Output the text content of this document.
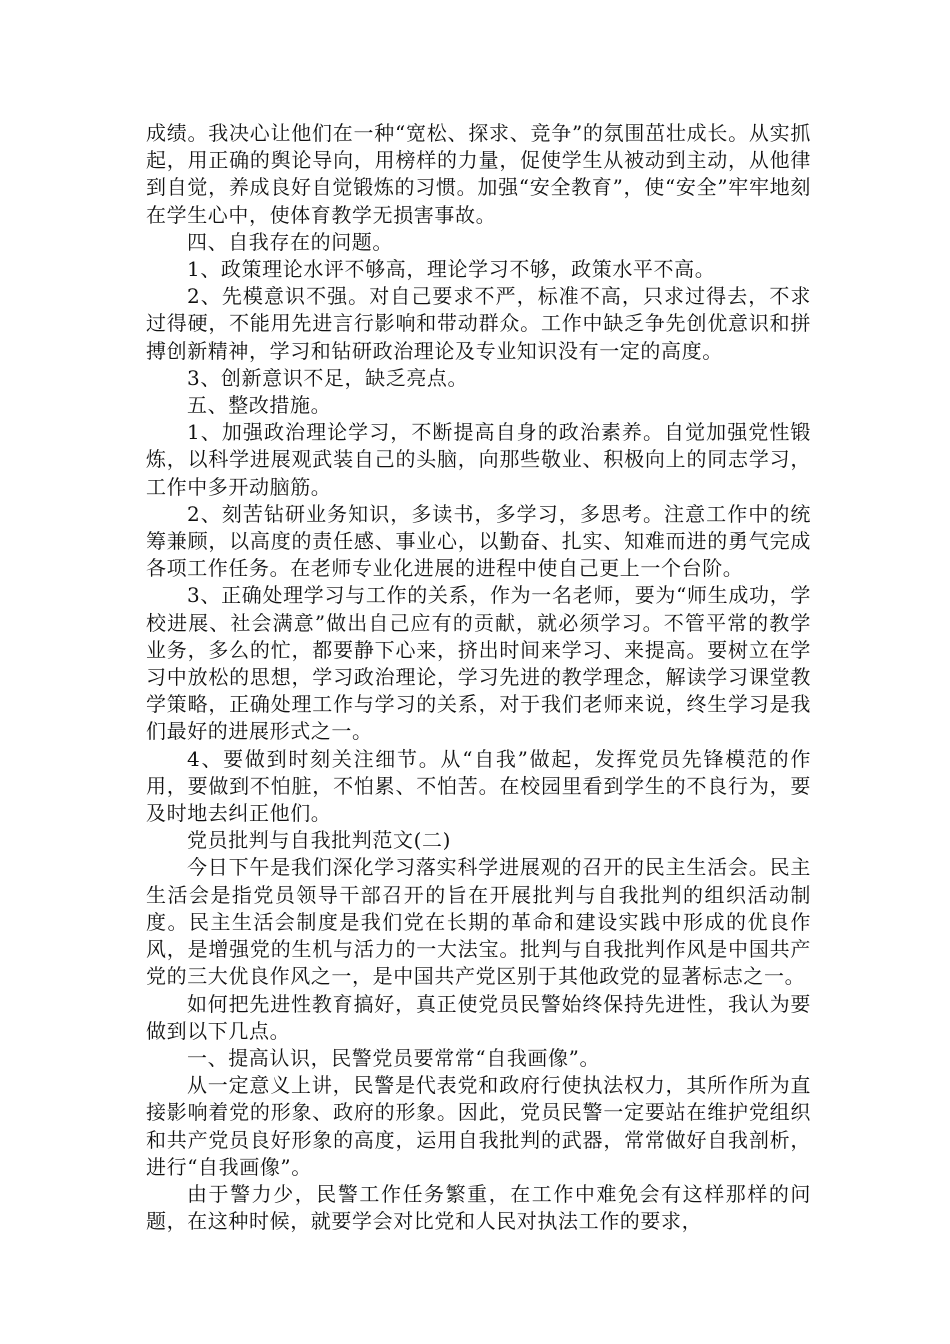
成绩。我决心让他们在一种“宽松、探求、竞争”的氛围茁壮成长。从实抓起，用正确的舆论导向，用榜样的力量，促使学生从被动到主动，从他律到自觉，养成良好自觉锻炼的习惯。加强“安全教育”，使“安全”牢牢地刻在学生心中，使体育教学无损害事故。

四、自我存在的问题。

1、政策理论水评不够高，理论学习不够，政策水平不高。

2、先模意识不强。对自己要求不严，标准不高，只求过得去，不求过得硬，不能用先进言行影响和带动群众。工作中缺乏争先创优意识和拼搏创新精神，学习和钻研政治理论及专业知识没有一定的高度。

3、创新意识不足，缺乏亮点。

五、整改措施。

1、加强政治理论学习，不断提高自身的政治素养。自觉加强党性锻炼，以科学进展观武装自己的头脑，向那些敬业、积极向上的同志学习，工作中多开动脑筋。

2、刻苦钻研业务知识，多读书，多学习，多思考。注意工作中的统筹兼顾，以高度的责任感、事业心，以勤奋、扎实、知难而进的勇气完成各项工作任务。在老师专业化进展的进程中使自己更上一个台阶。

3、正确处理学习与工作的关系，作为一名老师，要为“师生成功，学校进展、社会满意”做出自己应有的贡献，就必须学习。不管平常的教学业务，多么的忙，都要静下心来，挤出时间来学习、来提高。要树立在学习中放松的思想，学习政治理论，学习先进的教学理念，解读学习课堂教学策略，正确处理工作与学习的关系，对于我们老师来说，终生学习是我们最好的进展形式之一。

4、要做到时刻关注细节。从“自我”做起，发挥党员先锋模范的作用，要做到不怕脏，不怕累、不怕苦。在校园里看到学生的不良行为，要及时地去纠正他们。

党员批判与自我批判范文(二)

今日下午是我们深化学习落实科学进展观的召开的民主生活会。民主生活会是指党员领导干部召开的旨在开展批判与自我批判的组织活动制度。民主生活会制度是我们党在长期的革命和建设实践中形成的优良作风，是增强党的生机与活力的一大法宝。批判与自我批判作风是中国共产党的三大优良作风之一，是中国共产党区别于其他政党的显著标志之一。

如何把先进性教育搞好，真正使党员民警始终保持先进性，我认为要做到以下几点。

一、提高认识，民警党员要常常“自我画像”。

从一定意义上讲，民警是代表党和政府行使执法权力，其所作所为直接影响着党的形象、政府的形象。因此，党员民警一定要站在维护党组织和共产党员良好形象的高度，运用自我批判的武器，常常做好自我剖析，进行“自我画像”。

由于警力少，民警工作任务繁重，在工作中难免会有这样那样的问题，在这种时候，就要学会对比党和人民对执法工作的要求，
